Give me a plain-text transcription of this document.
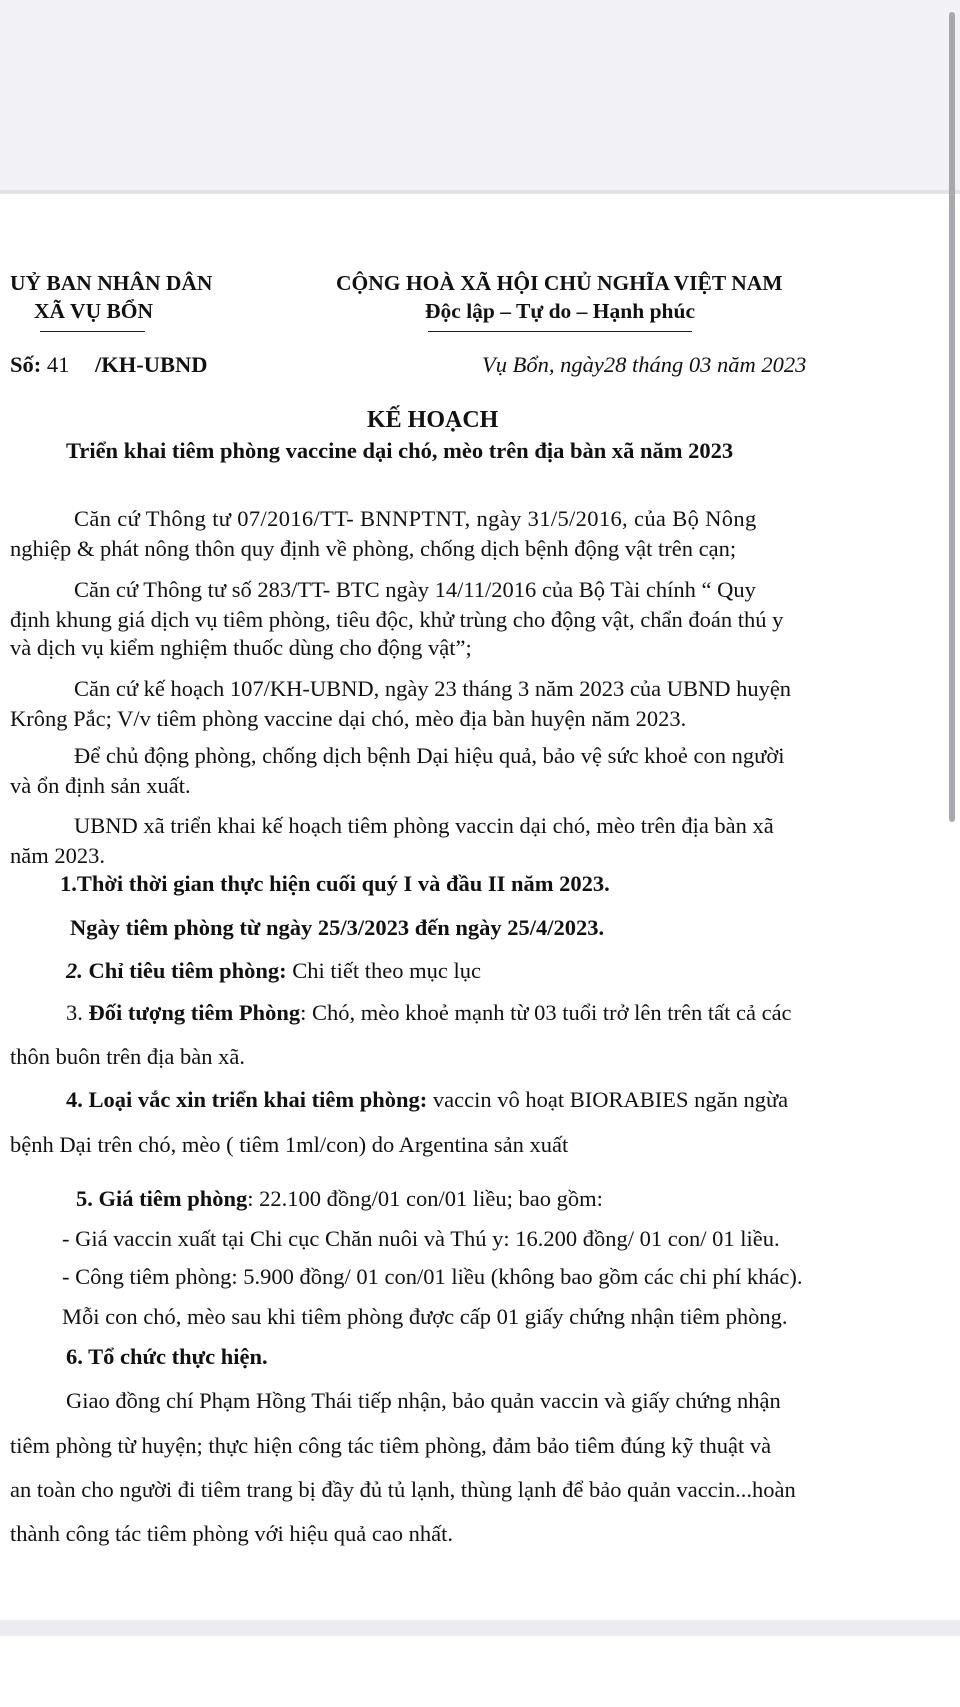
UỶ BAN NHÂN DÂN
XÃ VỤ BỔN
CỘNG HOÀ XÃ HỘI CHỦ NGHĨA VIỆT NAM
Độc lập – Tự do – Hạnh phúc
Số: 41 /KH-UBND	Vụ Bổn, ngày28 tháng 03 năm 2023
KẾ HOẠCH
Triển khai tiêm phòng vaccine dại chó, mèo trên địa bàn xã năm 2023
Căn cứ Thông tư 07/2016/TT- BNNPTNT, ngày 31/5/2016, của Bộ Nông
nghiệp & phát nông thôn quy định về phòng, chống dịch bệnh động vật trên cạn;
Căn cứ Thông tư số 283/TT- BTC ngày 14/11/2016 của Bộ Tài chính “ Quy
định khung giá dịch vụ tiêm phòng, tiêu độc, khử trùng cho động vật, chẩn đoán thú y
và dịch vụ kiểm nghiệm thuốc dùng cho động vật”;
Căn cứ kế hoạch 107/KH-UBND, ngày 23 tháng 3 năm 2023 của UBND huyện
Krông Pắc; V/v tiêm phòng vaccine dại chó, mèo địa bàn huyện năm 2023.
Để chủ động phòng, chống dịch bệnh Dại hiệu quả, bảo vệ sức khoẻ con người
và ổn định sản xuất.
UBND xã triển khai kế hoạch tiêm phòng vaccin dại chó, mèo trên địa bàn xã
năm 2023.
1.Thời thời gian thực hiện cuối quý I và đầu II năm 2023.
Ngày tiêm phòng từ ngày 25/3/2023 đến ngày 25/4/2023.
2. Chỉ tiêu tiêm phòng: Chi tiết theo mục lục
3. Đối tượng tiêm Phòng: Chó, mèo khoẻ mạnh từ 03 tuổi trở lên trên tất cả các
thôn buôn trên địa bàn xã.
4. Loại vắc xin triển khai tiêm phòng: vaccin vô hoạt BIORABIES ngăn ngừa
bệnh Dại trên chó, mèo ( tiêm 1ml/con) do Argentina sản xuất
5. Giá tiêm phòng: 22.100 đồng/01 con/01 liều; bao gồm:
- Giá vaccin xuất tại Chi cục Chăn nuôi và Thú y: 16.200 đồng/ 01 con/ 01 liều.
- Công tiêm phòng: 5.900 đồng/ 01 con/01 liều (không bao gồm các chi phí khác).
Mỗi con chó, mèo sau khi tiêm phòng được cấp 01 giấy chứng nhận tiêm phòng.
6. Tổ chức thực hiện.
Giao đồng chí Phạm Hồng Thái tiếp nhận, bảo quản vaccin và giấy chứng nhận
tiêm phòng từ huyện; thực hiện công tác tiêm phòng, đảm bảo tiêm đúng kỹ thuật và
an toàn cho người đi tiêm trang bị đầy đủ tủ lạnh, thùng lạnh để bảo quản vaccin...hoàn
thành công tác tiêm phòng với hiệu quả cao nhất.
